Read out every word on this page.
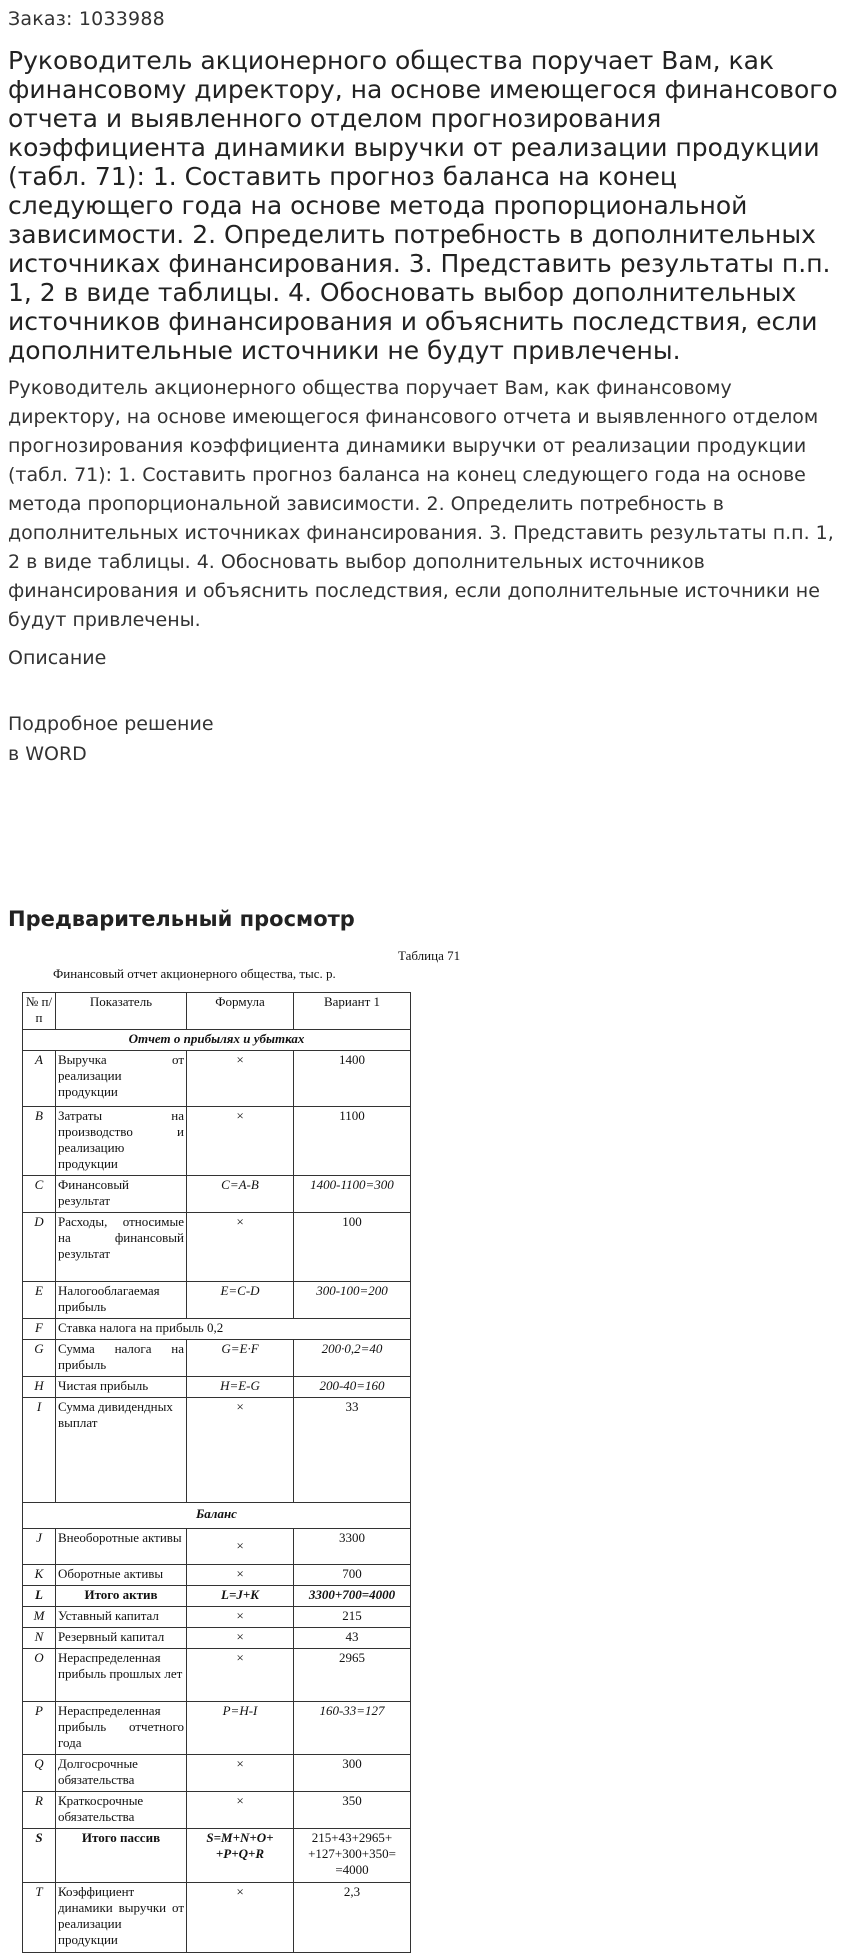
Заказ: 1033988
Руководитель акционерного общества поручает Вам, как финансовому директору, на основе имеющегося финансового отчета и выявленного отделом прогнозирования коэффициента динамики выручки от реализации продукции (табл. 71): 1. Составить прогноз баланса на конец следующего года на основе метода пропорциональной зависимости. 2. Определить потребность в дополнительных источниках финансирования. 3. Представить результаты п.п. 1, 2 в виде таблицы. 4. Обосновать выбор дополнительных источников финансирования и объяснить последствия, если дополнительные источники не будут привлечены.

Руководитель акционерного общества поручает Вам, как финансовому директору, на основе имеющегося финансового отчета и выявленного отделом прогнозирования коэффициента динамики выручки от реализации продукции (табл. 71): 1. Составить прогноз баланса на конец следующего года на основе метода пропорциональной зависимости. 2. Определить потребность в дополнительных источниках финансирования. 3. Представить результаты п.п. 1, 2 в виде таблицы. 4. Обосновать выбор дополнительных источников финансирования и объяснить последствия, если дополнительные источники не будут привлечены.

Описание
Подробное решение
в WORD
Предварительный просмотр
Таблица 71
Финансовый отчет акционерного общества, тыс. р.
№ п/п	Показатель	Формула	Вариант 1
Отчет о прибылях и убытках			
A	Выручка от реализации продукции	×	1400
B	Затраты на производство и реализацию продукции	×	1100
C	Финансовый результат	C=A-B	1400-1100=300
D	Расходы, относимые на финансовый результат	×	100
E	Налогооблагаемая прибыль	E=C-D	300-100=200
F	Ставка налога на прибыль 0,2		
G	Сумма налога на прибыль	G=E·F	200·0,2=40
H	Чистая прибыль	H=E-G	200-40=160
I	Сумма дивидендных выплат	×	33
Баланс			
J	Внеоборотные активы	×	3300
K	Оборотные активы	×	700
L	Итого актив	L=J+K	3300+700=4000
M	Уставный капитал	×	215
N	Резервный капитал	×	43
O	Нераспределенная прибыль прошлых лет	×	2965
P	Нераспределенная прибыль отчетного года	P=H-I	160-33=127
Q	Долгосрочные обязательства	×	300
R	Краткосрочные обязательства	×	350
S	Итого пассив	S=M+N+O+ +P+Q+R	215+43+2965+ +127+300+350= =4000
T	Коэффициент динамики выручки от реализации продукции	×	2,3
